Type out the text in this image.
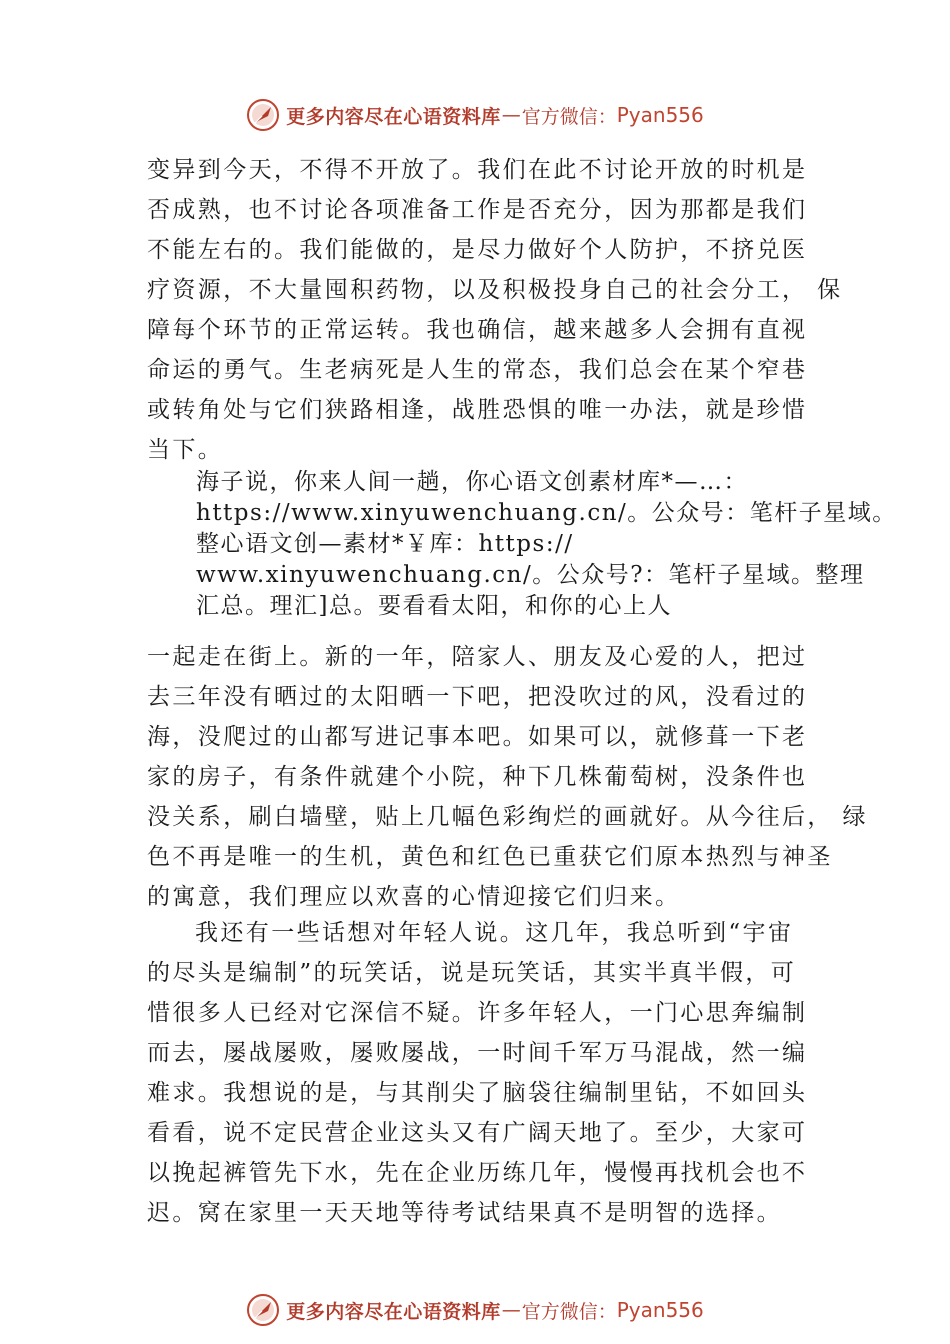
更多内容尽在心语资料库 — 官方微信： Pyan556
变异到今天，不得不开放了。我们在此不讨论开放的时机是
否成熟，也不讨论各项准备工作是否充分，因为那都是我们
不能左右的。我们能做的，是尽力做好个人防护，不挤兑医
疗资源，不大量囤积药物，以及积极投身自己的社会分工， 保
障每个环节的正常运转。我也确信，越来越多人会拥有直视
命运的勇气。生老病死是人生的常态，我们总会在某个窄巷
或转角处与它们狭路相逢，战胜恐惧的唯一办法，就是珍惜
当下。
海子说，你来人间一趟，你心语文创素材库*—…：
https://www.xinyuwenchuang.cn/。公众号：笔杆子星域。
整心语文创—素材*￥库：https://
www.xinyuwenchuang.cn/。公众号?：笔杆子星域。整理
汇总。理汇]总。要看看太阳，和你的心上人
一起走在街上。新的一年，陪家人、朋友及心爱的人，把过
去三年没有晒过的太阳晒一下吧，把没吹过的风，没看过的
海，没爬过的山都写进记事本吧。如果可以，就修葺一下老
家的房子，有条件就建个小院，种下几株葡萄树，没条件也
没关系，刷白墙壁，贴上几幅色彩绚烂的画就好。从今往后， 绿
色不再是唯一的生机，黄色和红色已重获它们原本热烈与神圣
的寓意，我们理应以欢喜的心情迎接它们归来。
我还有一些话想对年轻人说。这几年，我总听到“宇宙
的尽头是编制”的玩笑话，说是玩笑话，其实半真半假，可
惜很多人已经对它深信不疑。许多年轻人，一门心思奔编制
而去，屡战屡败，屡败屡战，一时间千军万马混战，然一编
难求。我想说的是，与其削尖了脑袋往编制里钻，不如回头
看看，说不定民营企业这头又有广阔天地了。至少，大家可
以挽起裤管先下水，先在企业历练几年，慢慢再找机会也不
迟。窝在家里一天天地等待考试结果真不是明智的选择。
更多内容尽在心语资料库 — 官方微信： Pyan556
